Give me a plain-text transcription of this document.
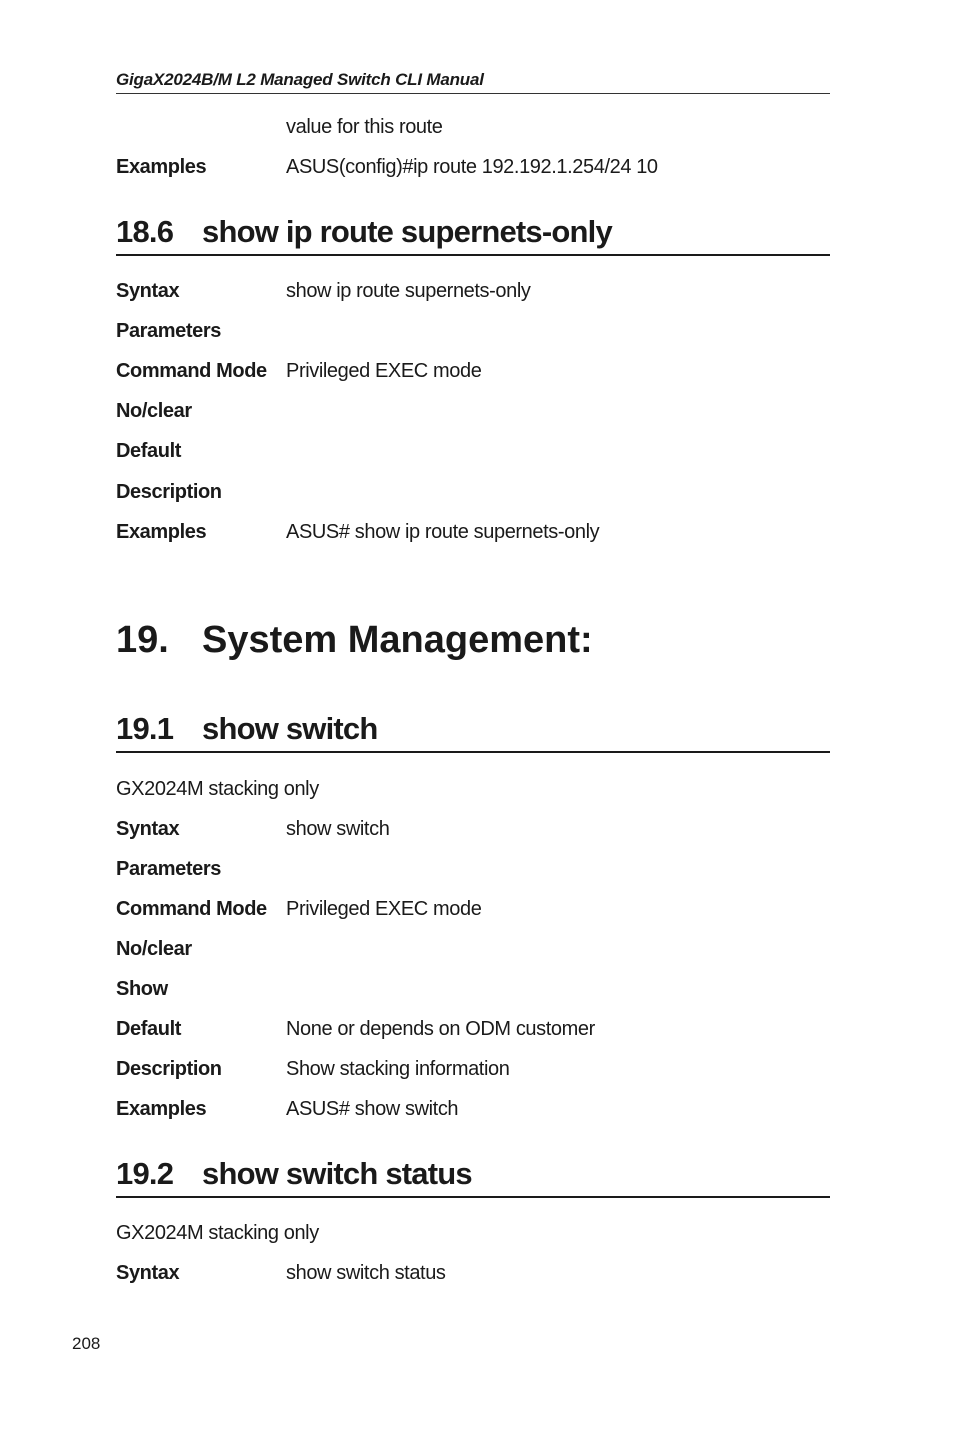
GigaX2024B/M L2 Managed Switch CLI Manual
value for this route
Examples	ASUS(config)#ip route 192.192.1.254/24 10
18.6 show ip route supernets-only
Syntax	show ip route supernets-only
Parameters
Command Mode Privileged EXEC mode
No/clear
Default
Description
Examples	ASUS# show ip route supernets-only
19. System Management:
19.1 show switch
GX2024M stacking only
Syntax	show switch
Parameters
Command Mode Privileged EXEC mode
No/clear
Show
Default	None or depends on ODM customer
Description	Show stacking information
Examples	ASUS# show switch
19.2 show switch status
GX2024M stacking only
Syntax	show switch status
208
